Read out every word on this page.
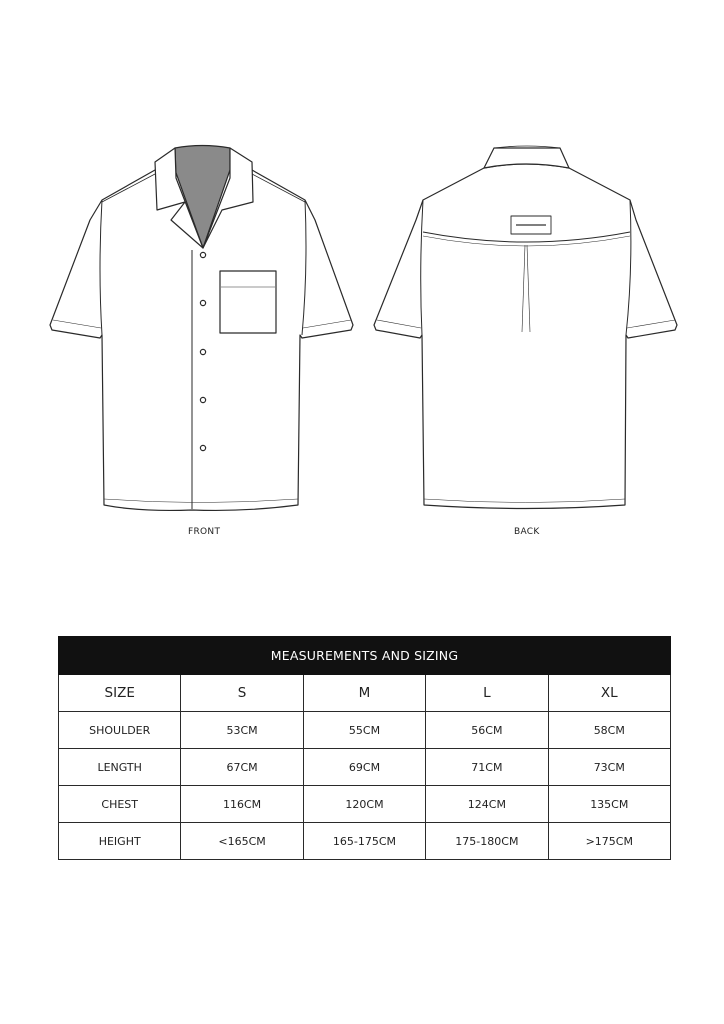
FRONT	BACK
MEASUREMENTS AND SIZING				
SIZE	S	M	L	XL
SHOULDER	53CM	55CM	56CM	58CM
LENGTH	67CM	69CM	71CM	73CM
CHEST	116CM	120CM	124CM	135CM
HEIGHT	<165CM	165-175CM	175-180CM	>175CM
